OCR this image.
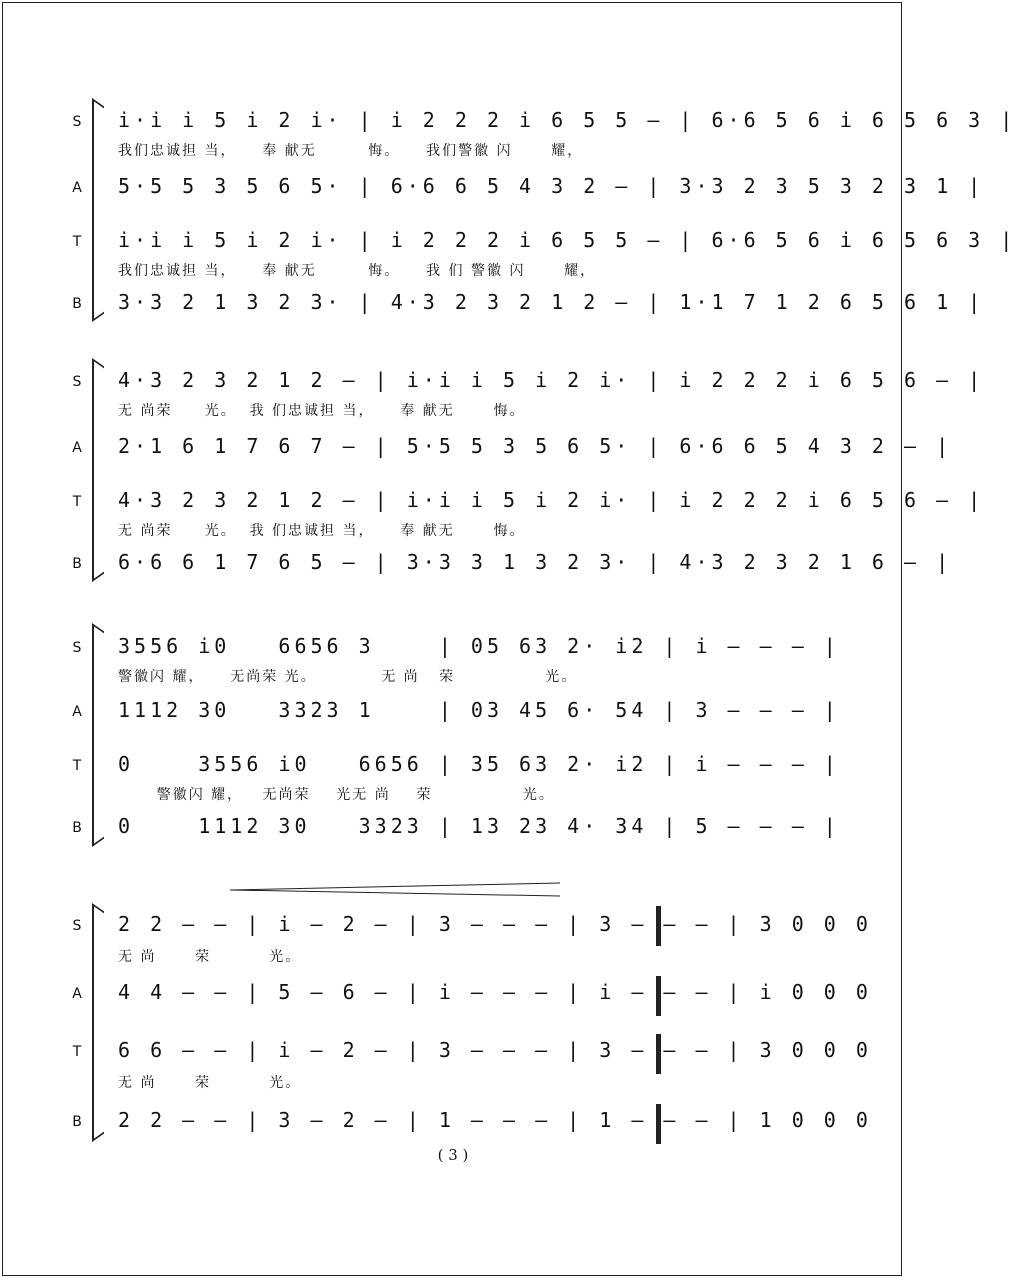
S
A
T
B
i·i i 5 i 2 i· | i 2 2 2 i 6 5 5 – | 6·6 5 6 i 6 5 6 3 |
我们忠诚担 当，    奉 献无        悔。    我们警徽 闪      耀，
5·5 5 3 5 6 5· | 6·6 6 5 4 3 2 – | 3·3 2 3 5 3 2 3 1 |
i·i i 5 i 2 i· | i 2 2 2 i 6 5 5 – | 6·6 5 6 i 6 5 6 3 |
我们忠诚担 当，    奉 献无        悔。    我 们 警徽 闪      耀，
3·3 2 1 3 2 3· | 4·3 2 3 2 1 2 – | 1·1 7 1 2 6 5 6 1 |
S
A
T
B
4·3 2 3 2 1 2 – | i·i i 5 i 2 i· | i 2 2 2 i 6 5 6 – |
无 尚荣     光。  我 们忠诚担 当，    奉 献无      悔。
2·1 6 1 7 6 7 – | 5·5 5 3 5 6 5· | 6·6 6 5 4 3 2 – |
4·3 2 3 2 1 2 – | i·i i 5 i 2 i· | i 2 2 2 i 6 5 6 – |
无 尚荣     光。  我 们忠诚担 当，    奉 献无      悔。
6·6 6 1 7 6 5 – | 3·3 3 1 3 2 3· | 4·3 2 3 2 1 6 – |
S
A
T
B
3556 i0   6656 3    | 05 63 2· i2 | i – – – |
警徽闪 耀，    无尚荣 光。          无 尚   荣              光。
1112 30   3323 1    | 03 45 6· 54 | 3 – – – |
0    3556 i0   6656 | 35 63 2· i2 | i – – – |
警徽闪 耀，   无尚荣    光无 尚    荣              光。
0    1112 30   3323 | 13 23 4· 34 | 5 – – – |
S
A
T
B
2 2 – – | i – 2 – | 3 – – – | 3 – – – | 3 0 0 0
无 尚      荣         光。
4 4 – – | 5 – 6 – | i – – – | i – – – | i 0 0 0
6 6 – – | i – 2 – | 3 – – – | 3 – – – | 3 0 0 0
无 尚      荣         光。
2 2 – – | 3 – 2 – | 1 – – – | 1 – – – | 1 0 0 0
( 3 )
